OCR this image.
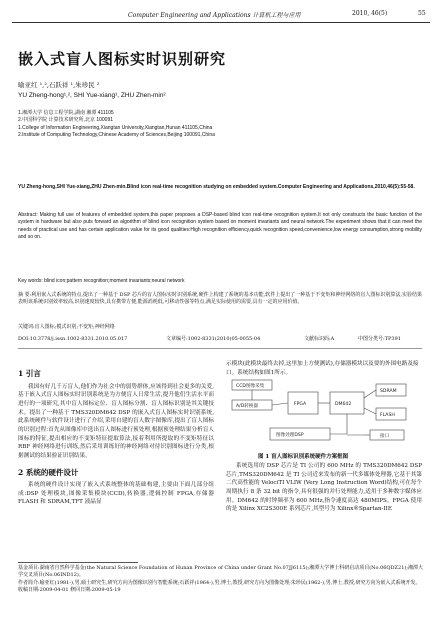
Computer Engineering and Applications 计算机工程与应用	2010, 46(5)	55
嵌入式盲人图标实时识别研究
喻亚红 ¹,²,石跃祥 ¹,朱珍民 ²
YU Zheng-hong¹,², SHI Yue-xiang¹, ZHU Zhen-min²
1.湘潭大学 信息工程学院,湖南 湘潭 411105
2.中国科学院 计算技术研究所,北京 100091
1.College of Information Engineering,Xiangtan University,Xiangtan,Hunan 411105,China
2.Institute of Computing Technology,Chinese Academy of Sciences,Beijing 100091,China
YU Zheng-hong,SHI Yue-xiang,ZHU Zhen-min.Blind icon real-time recognition studying on embedded system.Computer Engineering and Applications,2010,46(5):55-58.
Abstract: Making full use of features of embedded system,this paper proposes a DSP-based blind icon real-time recognition system.It not only constructs the basic function of the system in hardware but also puts forward an algorithm of blind icon recognition system based on moment invariants and neural network.The experiment shows that it can meet the needs of practical use and has certain application value for its good qualities:High recognition efficiency,quick recognition speed,convenience,low energy consumption,strong mobility and so on.
Key words: blind icon;pattern recognition;moment invariants;neural network
摘 要:利用嵌入式系统的特点,提出了一种基于 DSP 芯片的盲人图标实时识别系统,硬件上构建了系统的基本功能,软件上提出了一种基于不变矩和神经网络的盲人图标识别算法,实验结果表明该系统识别效率较高,识别速度较快,具有携带方便,能源消耗低,可移动性强等特点,满足实际使用的需要,具有一定的应用价值。
关键词:盲人图标;模式识别;不变矩;神经网络
DOI:10.3778/j.issn.1002-8331.2010.05.017	文章编号:1002-8331(2010)05-0055-04	文献标识码:A	中图分类号:TP391
1 引言

我国有好几千万盲人,他们作为社会中的弱势群体,应该得到社会更多的关爱,基于嵌入式盲人图标实时识别系统是为方便盲人日常生活,提升他们生活水平而进行的一项研究,其中盲人图标定位、盲人图标分割、盲人图标识别是其关键技术。提出了一种基于 TMS320DM642 DSP 的嵌入式盲人图标实时识别系统,此系统硬件与软件设计进行了介绍,采用自建的盲人数字图像库,提出了盲人图标的识别过程:首先从图像库中选出盲人图标进行预处理,根据预处理结果分析盲人图标的特征,提出相应的不变矩特征提取算法,接着利用所提取的不变矩特征以 RBF 神经网络进行训练,然后采用训练好的神经网络对待识别图标进行分类,根据测试的结果验证识别结果。

2 系统的硬件设计

系统的硬件设计实现了嵌入式系统整体的基础构建,主要由下面几部分组成:DSP 处理模块,图像采集模块(CCD),转换器,逻辑控制 FPGA,存储器 FLASH 和 SDRAM,TFT 液晶显

示模块(此模块最终去掉,这里加上方便测试),存储器模块以及要的外围电路及接口。系统结构如图1所示。
CCD图像采集
A/D转换器	FPGA	DM642
SDRAM
FLASH
图像处理DSP	接口
图 1 盲人图标识别系统硬件方案框图

系统选用的 DSP 芯片是 TI 公司的 600 MHz 的 TMS320DM642 DSP 芯片,TMS320DM642 是 TI 公司近来发布的新一代多媒体处理器,它基于其第二代高性能的 VelociTI VLIW (Very Long Instruction Word)结构,可在每个周期执行 8 条 32 bit 的指令,具有很强的并行处理能力,适用于多种数字媒体应用。DM642 的时钟频率为 600 MHz,指令速度高达 480MIPS。FPGA 使用的是 Xilinx XC2S300E 系列芯片,其型号为 Xilinx®Spartan-IIE

基金项目:湖南省自然科学基金(the Natural Science Foundation of Hunan Province of China under Grant No.07JJ6115);湘潭大学博士科研启动项目(No.06QDZ21);湘潭大学交叉项目(No.06IND12)。
作者简介:喻亚红(1981-),男,硕士研究生,研究方向为图像识别与智能系统;石跃祥(1964-),男,博士,教授,研究方向为图像处理;朱珍民(1962-),男,博士,教授,研究方向为嵌入式系统开发。
收稿日期:2009-04-01 修回日期:2009-05-19
